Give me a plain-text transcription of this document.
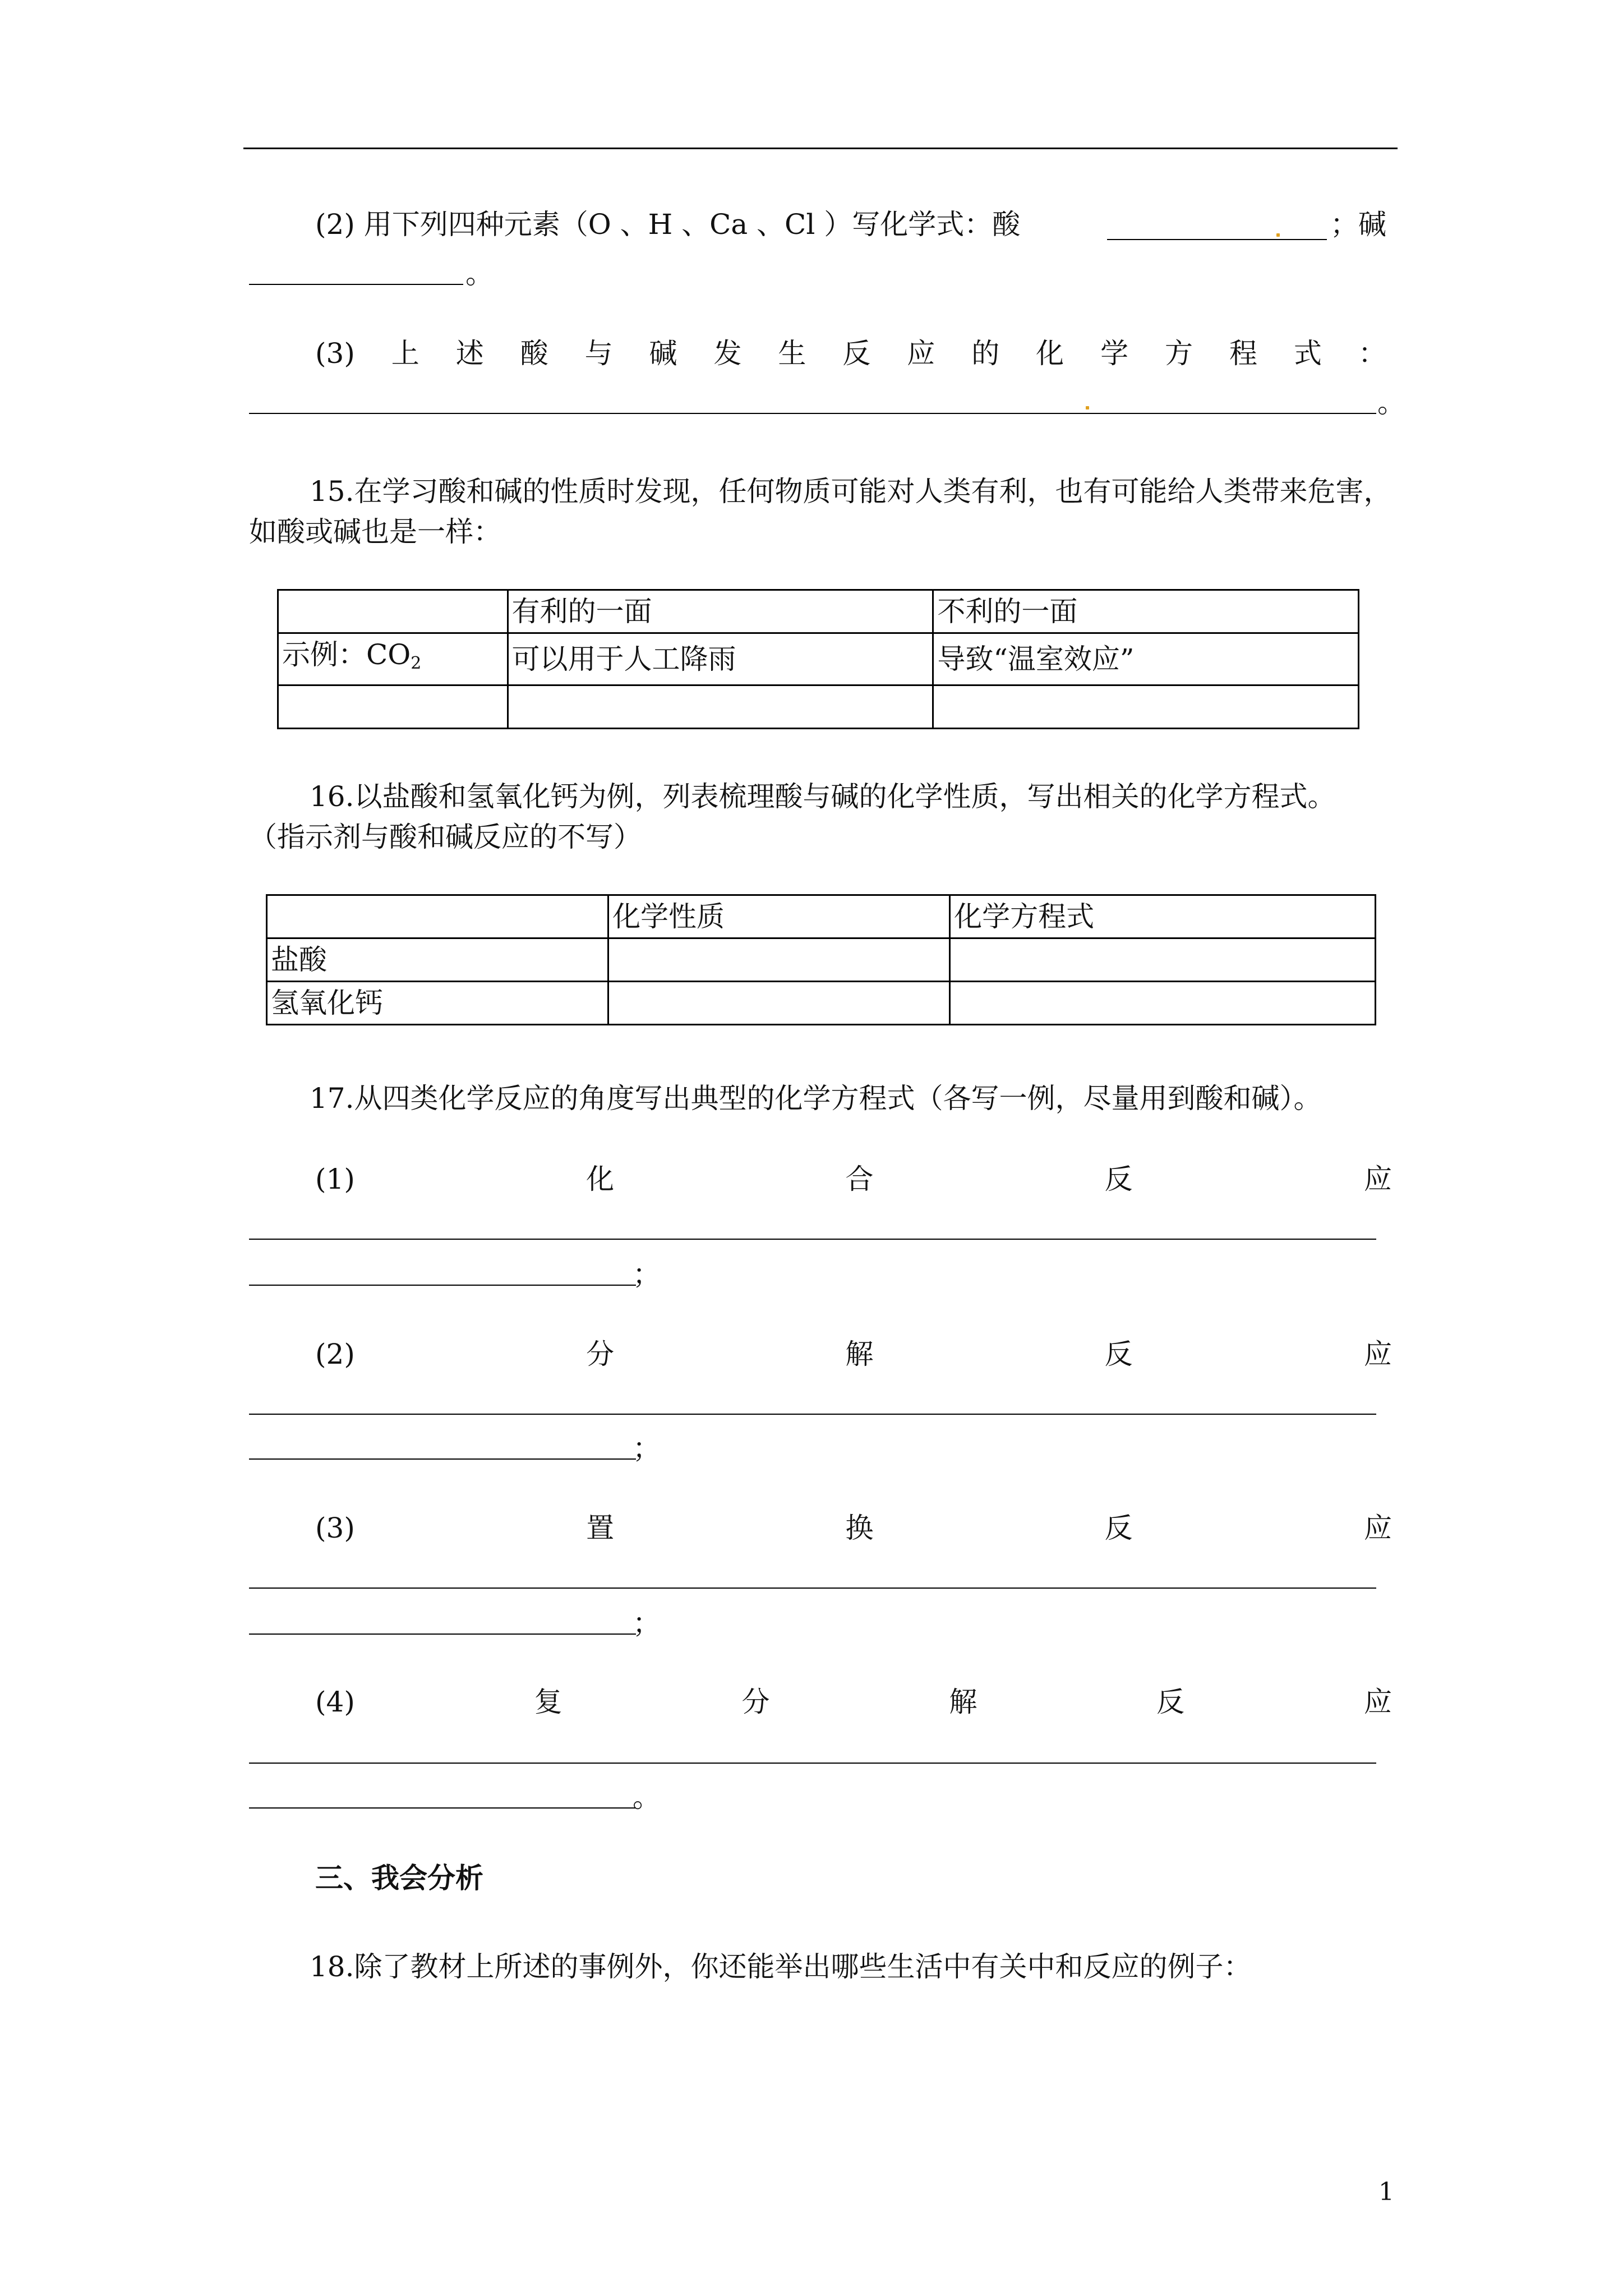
(2) 用下列四种元素（O 、H 、Ca 、Cl ）写化学式：酸	；碱
。
(3) 上 述 酸 与 碱 发 生 反 应 的 化 学 方 程 式 ：
。
15.在学习酸和碱的性质时发现，任何物质可能对人类有利，也有可能给人类带来危害，
如酸或碱也是一样：
	有利的一面	不利的一面
示例：$CO_2$	可以用于人工降雨	导致“温室效应”

16.以盐酸和氢氧化钙为例，列表梳理酸与碱的化学性质，写出相关的化学方程式。
（指示剂与酸和碱反应的不写）
	化学性质	化学方程式
盐酸		
氢氧化钙		
17.从四类化学反应的角度写出典型的化学方程式（各写一例，尽量用到酸和碱）。
(1)	化	合	反	应
；
(2)	分	解	反	应
；
(3)	置	换	反	应
；
(4)	复	分	解	反	应
。
三、我会分析
18.除了教材上所述的事例外，你还能举出哪些生活中有关中和反应的例子：
1
